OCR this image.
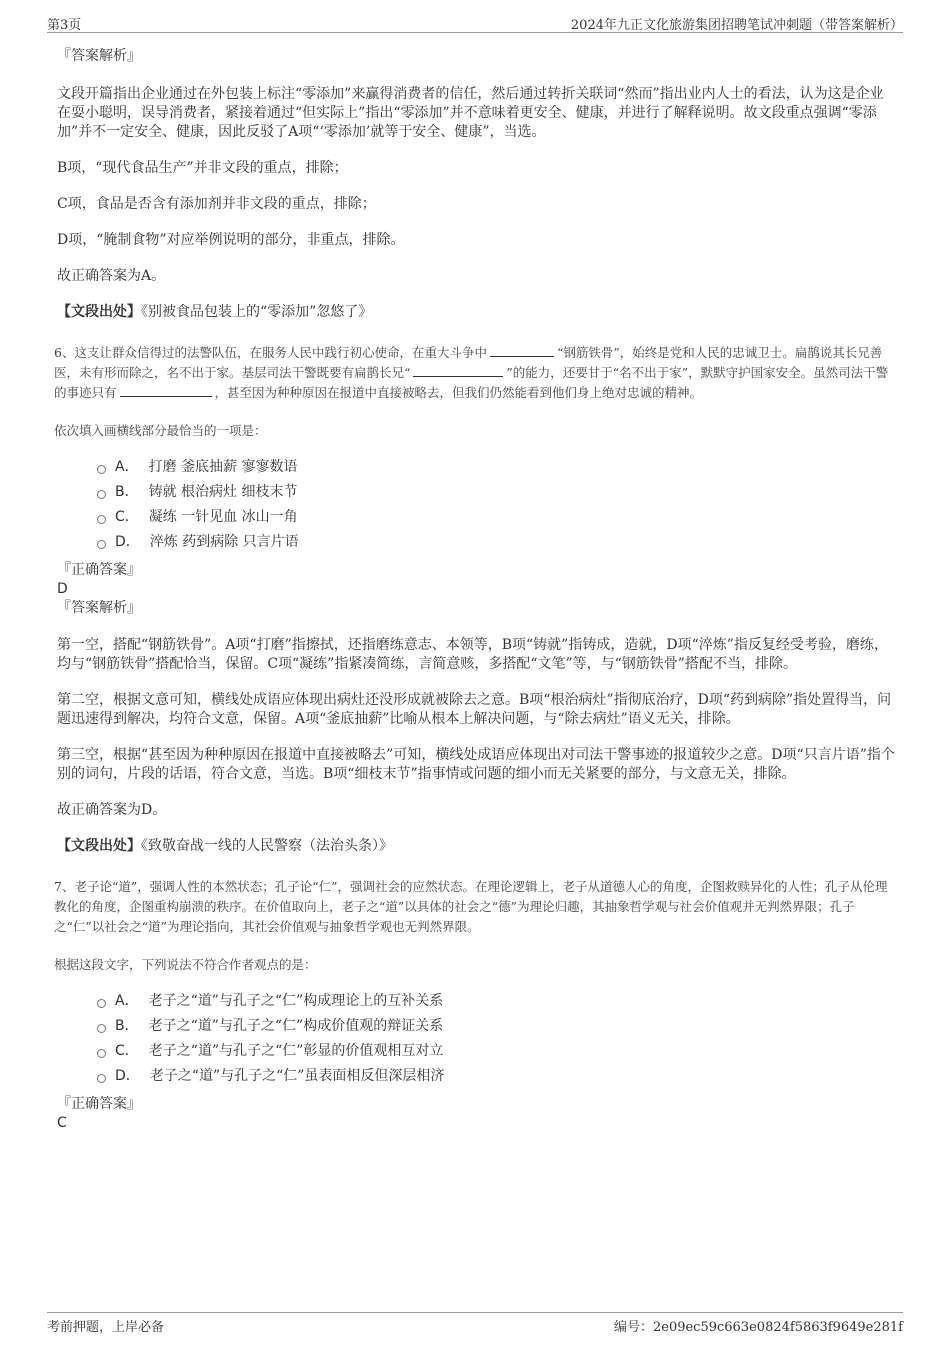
第3页	2024年九正文化旅游集团招聘笔试冲刺题（带答案解析）
『答案解析』

文段开篇指出企业通过在外包装上标注“零添加”来赢得消费者的信任，然后通过转折关联词“然而”指出业内人士的看法，认为这是企业在耍小聪明，误导消费者，紧接着通过“但实际上”指出“零添加”并不意味着更安全、健康，并进行了解释说明。故文段重点强调“零添加”并不一定安全、健康，因此反驳了A项“‘零添加’就等于安全、健康”，当选。

B项，“现代食品生产”并非文段的重点，排除；

C项，食品是否含有添加剂并非文段的重点，排除；

D项，“腌制食物”对应举例说明的部分，非重点，排除。

故正确答案为A。

【文段出处】《别被食品包装上的“零添加”忽悠了》

6、这支让群众信得过的法警队伍，在服务人民中践行初心使命，在重大斗争中	“钢筋铁骨”，始终是党和人民的忠诚卫士。扁鹊说其长兄善医，未有形而除之，名不出于家。基层司法干警既要有扁鹊长兄“	”的能力，还要甘于“名不出于家”，默默守护国家安全。虽然司法干警的事迹只有	，甚至因为种种原因在报道中直接被略去，但我们仍然能看到他们身上绝对忠诚的精神。
依次填入画横线部分最恰当的一项是：
A． 打磨 釜底抽薪 寥寥数语
B． 铸就 根治病灶 细枝末节
C． 凝练 一针见血 冰山一角
D． 淬炼 药到病除 只言片语
『正确答案』
D
『答案解析』

第一空，搭配“钢筋铁骨”。A项“打磨”指擦拭，还指磨练意志、本领等，B项“铸就”指铸成，造就，D项“淬炼”指反复经受考验，磨练，均与“钢筋铁骨”搭配恰当，保留。C项“凝练”指紧凑简练，言简意赅，多搭配“文笔”等，与“钢筋铁骨”搭配不当，排除。

第二空，根据文意可知，横线处成语应体现出病灶还没形成就被除去之意。B项“根治病灶”指彻底治疗，D项“药到病除”指处置得当，问题迅速得到解决，均符合文意，保留。A项“釜底抽薪”比喻从根本上解决问题，与“除去病灶”语义无关，排除。

第三空，根据“甚至因为种种原因在报道中直接被略去”可知，横线处成语应体现出对司法干警事迹的报道较少之意。D项“只言片语”指个别的词句，片段的话语，符合文意，当选。B项“细枝末节”指事情或问题的细小而无关紧要的部分，与文意无关，排除。

故正确答案为D。

【文段出处】《致敬奋战一线的人民警察（法治头条）》

7、老子论“道”，强调人性的本然状态；孔子论“仁”，强调社会的应然状态。在理论逻辑上，老子从道德人心的角度，企图救赎异化的人性；孔子从伦理教化的角度，企图重构崩溃的秩序。在价值取向上，老子之“道”以具体的社会之“德”为理论归趣，其抽象哲学观与社会价值观并无判然界限；孔子之“仁”以社会之“道”为理论指向，其社会价值观与抽象哲学观也无判然界限。
根据这段文字，下列说法不符合作者观点的是：
A． 老子之“道”与孔子之“仁”构成理论上的互补关系
B． 老子之“道”与孔子之“仁”构成价值观的辩证关系
C． 老子之“道”与孔子之“仁”彰显的价值观相互对立
D． 老子之“道”与孔子之“仁”虽表面相反但深层相济
『正确答案』
C
考前押题，上岸必备	编号：2e09ec59c663e0824f5863f9649e281f
